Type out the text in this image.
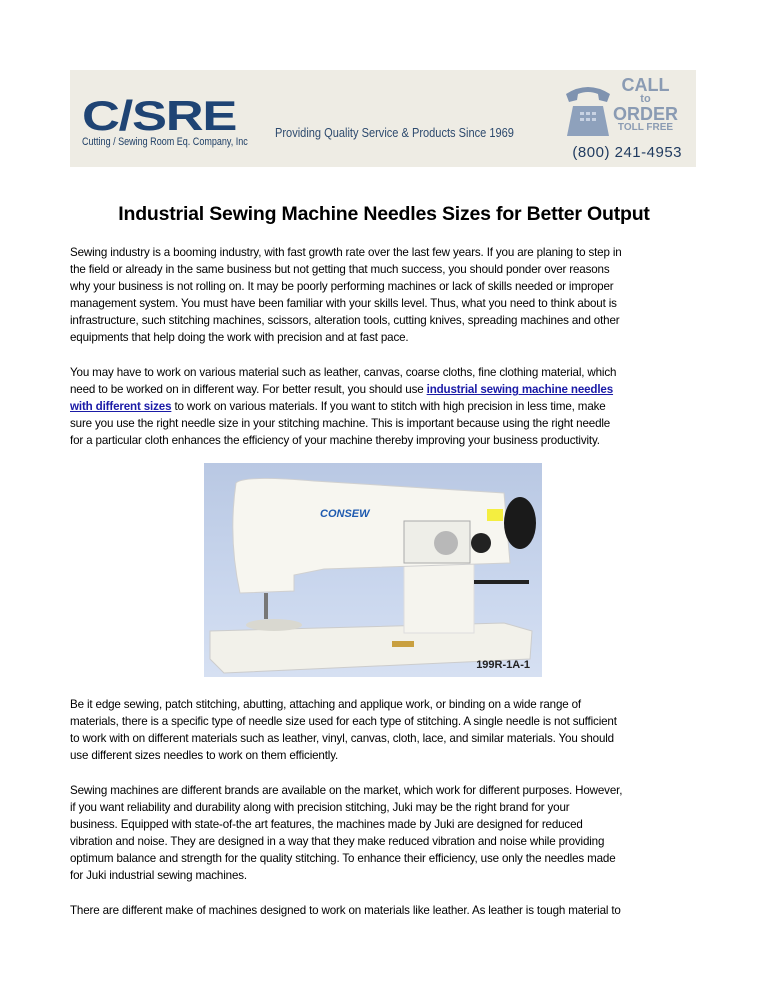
C/SRE
Cutting / Sewing Room Eq. Company, Inc
Providing Quality Service & Products Since 1969
CALL
to
ORDER
TOLL FREE
(800) 241-4953
Industrial Sewing Machine Needles Sizes for Better Output
Sewing industry is a booming industry, with fast growth rate over the last few years. If you are planing to step in
the field or already in the same business but not getting that much success, you should ponder over reasons
why your business is not rolling on. It may be poorly performing machines or lack of skills needed or improper
management system. You must have been familiar with your skills level. Thus, what you need to think about is
infrastructure, such stitching machines, scissors, alteration tools, cutting knives, spreading machines and other
equipments that help doing the work with precision and at fast pace.
You may have to work on various material such as leather, canvas, coarse cloths, fine clothing material, which
need to be worked on in different way. For better result, you should use industrial sewing machine needles
with different sizes to work on various materials. If you want to stitch with high precision in less time, make
sure you use the right needle size in your stitching machine. This is important because using the right needle
for a particular cloth enhances the efficiency of your machine thereby improving your business productivity.
CONSEW
199R-1A-1
Be it edge sewing, patch stitching, abutting, attaching and applique work, or binding on a wide range of
materials, there is a specific type of needle size used for each type of stitching. A single needle is not sufficient
to work with on different materials such as leather, vinyl, canvas, cloth, lace, and similar materials. You should
use different sizes needles to work on them efficiently.
Sewing machines are different brands are available on the market, which work for different purposes. However,
if you want reliability and durability along with precision stitching, Juki may be the right brand for your
business. Equipped with state-of-the art features, the machines made by Juki are designed for reduced
vibration and noise. They are designed in a way that they make reduced vibration and noise while providing
optimum balance and strength for the quality stitching. To enhance their efficiency, use only the needles made
for Juki industrial sewing machines.
There are different make of machines designed to work on materials like leather. As leather is tough material to
